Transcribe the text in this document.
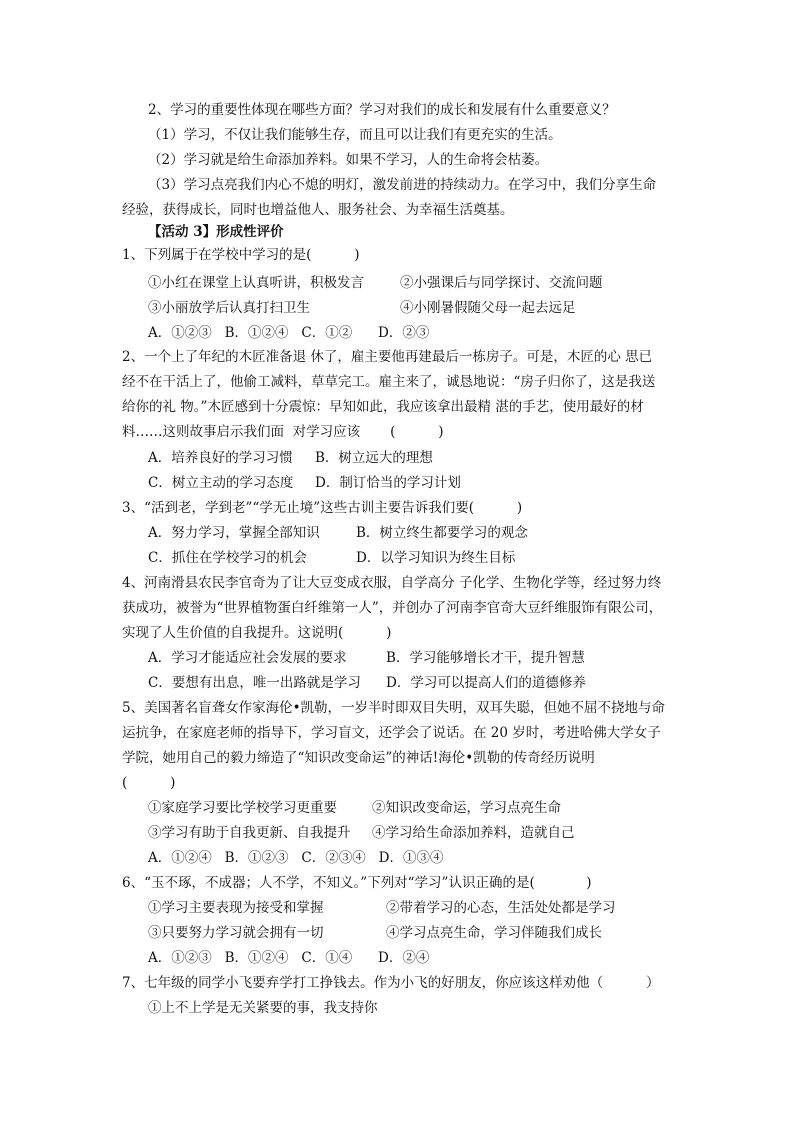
2、学习的重要性体现在哪些方面？学习对我们的成长和发展有什么重要意义？
（1）学习，不仅让我们能够生存，而且可以让我们有更充实的生活。
（2）学习就是给生命添加养料。如果不学习，人的生命将会枯萎。
（3）学习点亮我们内心不熄的明灯，激发前进的持续动力。在学习中，我们分享生命
经验，获得成长，同时也增益他人、服务社会、为幸福生活奠基。
【活动 3】形成性评价
1、下列属于在学校中学习的是(          )
①小红在课堂上认真听讲，积极发言	②小强课后与同学探讨、交流问题
③小丽放学后认真打扫卫生	④小刚暑假随父母一起去远足
A．①②③   B．①②④   C．①②      D．②③
2、一个上了年纪的木匠准备退 休了，雇主要他再建最后一栋房子。可是，木匠的心 思已
经不在干活上了，他偷工减料，草草完工。雇主来了，诚恳地说：“房子归你了，这是我送
给你的礼 物。”木匠感到十分震惊：早知如此，我应该拿出最精 湛的手艺，使用最好的材
料……这则故事启示我们面  对学习应该       (          )
A．培养良好的学习习惯 B．树立远大的理想
C．树立主动的学习态度 D．制订恰当的学习计划
3、“活到老，学到老”“学无止境”这些古训主要告诉我们要(          )
A．努力学习，掌握全部知识	B．树立终生都要学习的观念
C．抓住在学校学习的机会	D．以学习知识为终生目标
4、河南滑县农民李官奇为了让大豆变成衣服，自学高分 子化学、生物化学等，经过努力终
获成功，被誉为“世界植物蛋白纤维第一人”，并创办了河南李官奇大豆纤维服饰有限公司，
实现了人生价值的自我提升。这说明(          )
A．学习才能适应社会发展的要求	B．学习能够增长才干，提升智慧
C．要想有出息，唯一出路就是学习 D．学习可以提高人们的道德修养
5、美国著名盲聋女作家海伦•凯勒，一岁半时即双目失明，双耳失聪，但她不屈不挠地与命
运抗争，在家庭老师的指导下，学习盲文，还学会了说话。在 20 岁时，考进哈佛大学女子
学院，她用自己的毅力缔造了“知识改变命运”的神话!海伦•凯勒的传奇经历说明
(          )
①家庭学习要比学校学习更重要	②知识改变命运，学习点亮生命
③学习有助于自我更新、自我提升 ④学习给生命添加养料，造就自己
A．①②④   B．①②③   C．②③④   D．①③④
6、“玉不琢，不成器；人不学，不知义。”下列对“学习”认识正确的是(            )
①学习主要表现为接受和掌握	②带着学习的心态，生活处处都是学习
③只要努力学习就会拥有一切	④学习点亮生命，学习伴随我们成长
A．①②③   B．①②④   C．①④      D．②④
7、七年级的同学小飞要弃学打工挣钱去。作为小飞的好朋友，你应该这样劝他（          ）
①上不上学是无关紧要的事，我支持你
